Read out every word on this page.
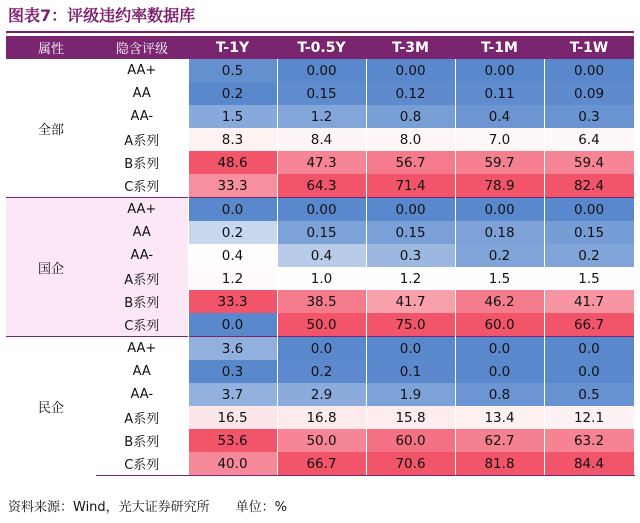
图表7：评级违约率数据库
属性	隐含评级	T-1Y	T-0.5Y	T-3M	T-1M	T-1W
全部	AA+	0.5	0.00	0.00	0.00	0.00
	AA	0.2	0.15	0.12	0.11	0.09
	AA-	1.5	1.2	0.8	0.4	0.3
	A系列	8.3	8.4	8.0	7.0	6.4
	B系列	48.6	47.3	56.7	59.7	59.4
	C系列	33.3	64.3	71.4	78.9	82.4
国企	AA+	0.0	0.00	0.00	0.00	0.00
	AA	0.2	0.15	0.15	0.18	0.15
	AA-	0.4	0.4	0.3	0.2	0.2
	A系列	1.2	1.0	1.2	1.5	1.5
	B系列	33.3	38.5	41.7	46.2	41.7
	C系列	0.0	50.0	75.0	60.0	66.7
民企	AA+	3.6	0.0	0.0	0.0	0.0
	AA	0.3	0.2	0.1	0.0	0.0
	AA-	3.7	2.9	1.9	0.8	0.5
	A系列	16.5	16.8	15.8	13.4	12.1
	B系列	53.6	50.0	60.0	62.7	63.2
	C系列	40.0	66.7	70.6	81.8	84.4
资料来源：Wind，光大证券研究所 单位：%
